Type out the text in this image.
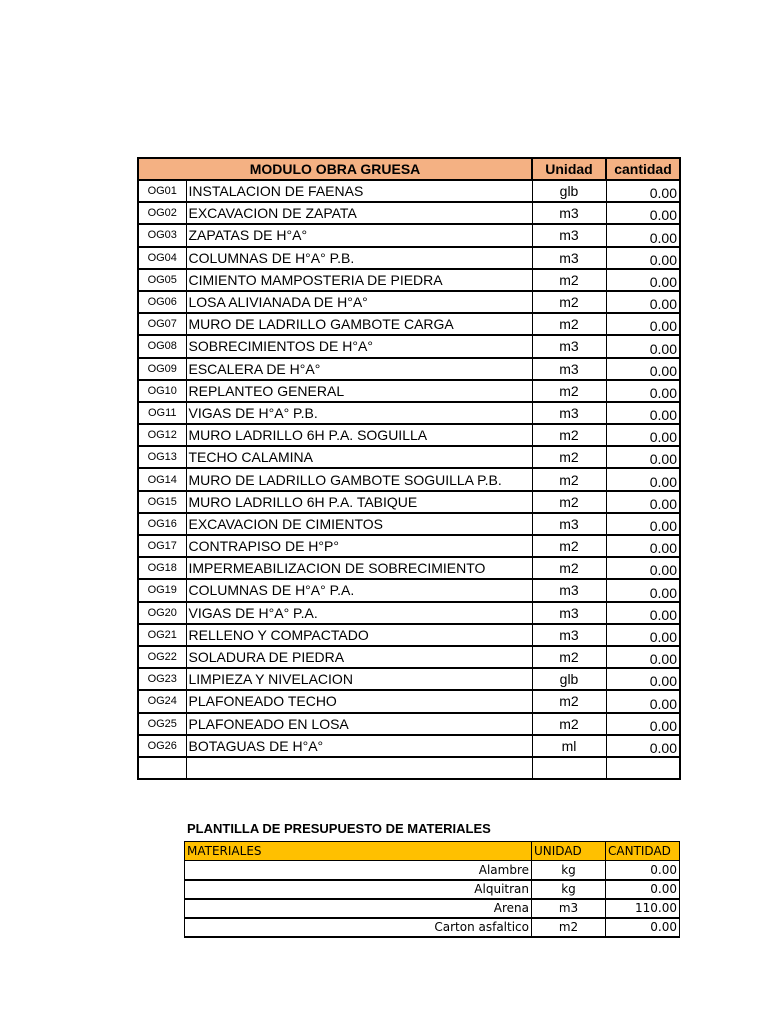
MODULO OBRA GRUESA		Unidad	cantidad
OG01	INSTALACION DE FAENAS	glb	0.00
OG02	EXCAVACION DE ZAPATA	m3	0.00
OG03	ZAPATAS DE H°A°	m3	0.00
OG04	COLUMNAS DE H°A° P.B.	m3	0.00
OG05	CIMIENTO MAMPOSTERIA DE PIEDRA	m2	0.00
OG06	LOSA ALIVIANADA DE H°A°	m2	0.00
OG07	MURO DE LADRILLO GAMBOTE CARGA	m2	0.00
OG08	SOBRECIMIENTOS DE H°A°	m3	0.00
OG09	ESCALERA DE H°A°	m3	0.00
OG10	REPLANTEO GENERAL	m2	0.00
OG11	VIGAS DE H°A° P.B.	m3	0.00
OG12	MURO LADRILLO 6H P.A. SOGUILLA	m2	0.00
OG13	TECHO CALAMINA	m2	0.00
OG14	MURO DE LADRILLO GAMBOTE SOGUILLA P.B.	m2	0.00
OG15	MURO LADRILLO 6H P.A. TABIQUE	m2	0.00
OG16	EXCAVACION DE CIMIENTOS	m3	0.00
OG17	CONTRAPISO DE H°P°	m2	0.00
OG18	IMPERMEABILIZACION DE SOBRECIMIENTO	m2	0.00
OG19	COLUMNAS DE H°A° P.A.	m3	0.00
OG20	VIGAS DE H°A° P.A.	m3	0.00
OG21	RELLENO Y COMPACTADO	m3	0.00
OG22	SOLADURA DE PIEDRA	m2	0.00
OG23	LIMPIEZA Y NIVELACION	glb	0.00
OG24	PLAFONEADO TECHO	m2	0.00
OG25	PLAFONEADO EN LOSA	m2	0.00
OG26	BOTAGUAS DE H°A°	ml	0.00

PLANTILLA DE PRESUPUESTO DE MATERIALES
MATERIALES	UNIDAD	CANTIDAD
Alambre	kg	0.00
Alquitran	kg	0.00
Arena	m3	110.00
Carton asfaltico	m2	0.00
